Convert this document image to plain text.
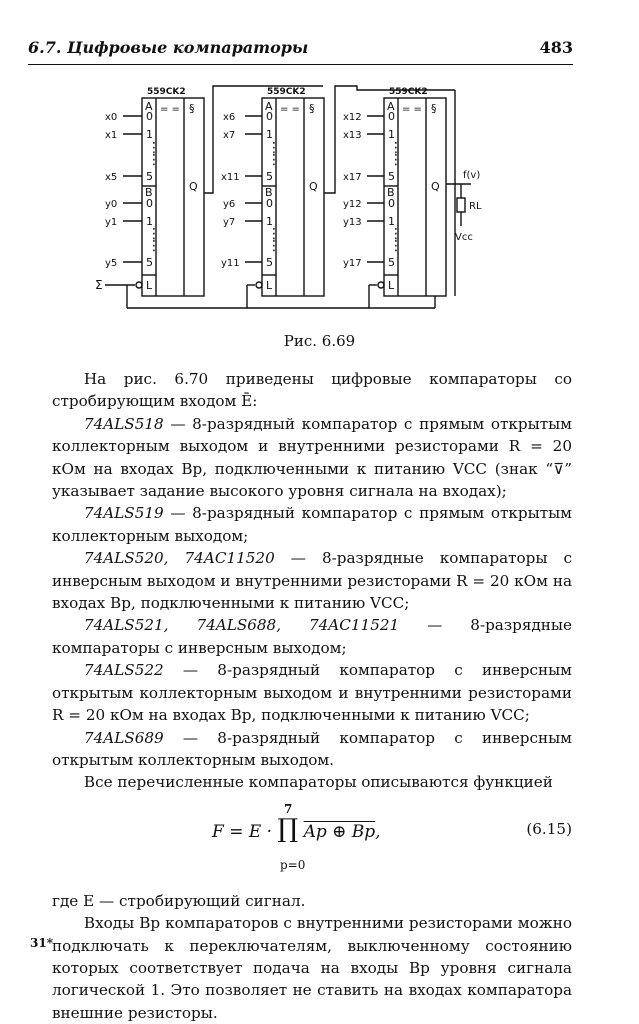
6.7. Цифровые компараторы	483
559CK2	559CK2	559CK2
A
0
1
5
B
0
1
5
L
= = §
Q
A
0
1
5
B
0
1
5
L
= = §
Q
A
0
1
5
B
0
1
5
L
= = §
Q
⋮
⋮
⋮
⋮
⋮
⋮
⋮
⋮
⋮
⋮
⋮
⋮
x0
x1
x5
y0
y1
y5
x6
x7
x11
y6
y7
y11
x12
x13
x17
y12
y13
y17
Σ
f(v)
RL
Vcc
Рис. 6.69

На рис. 6.70 приведены цифровые компараторы со стробирующим входом Ē:

74ALS518 — 8-разрядный компаратор с прямым открытым коллекторным выходом и внутренними резисторами R = 20 кОм на входах Bp, подключенными к питанию VCC (знак “⊽” указывает задание высокого уровня сигнала на входах);

74ALS519 — 8-разрядный компаратор с прямым открытым коллекторным выходом;

74ALS520, 74AC11520 — 8-разрядные компараторы с инверсным выходом и внутренними резисторами R = 20 кОм на входах Bp, подключенными к питанию VCC;

74ALS521, 74ALS688, 74AC11521 — 8-разрядные компараторы с инверсным выходом;

74ALS522 — 8-разрядный компаратор с инверсным открытым коллекторным выходом и внутренними резисторами R = 20 кОм на входах Bp, подключенными к питанию VCC;

74ALS689 — 8-разрядный компаратор с инверсным открытым коллекторным выходом.

Все перечисленные компараторы описываются функцией

7
F = E · ∏ Ap ⊕ Bp,
p=0
(6.15)

где E — стробирующий сигнал.

Входы Bp компараторов с внутренними резисторами можно подключать к переключателям, выключенному состоянию которых соответствует подача на входы Bp уровня сигнала логической 1. Это позволяет не ставить на входах компаратора внешние резисторы.

31*
